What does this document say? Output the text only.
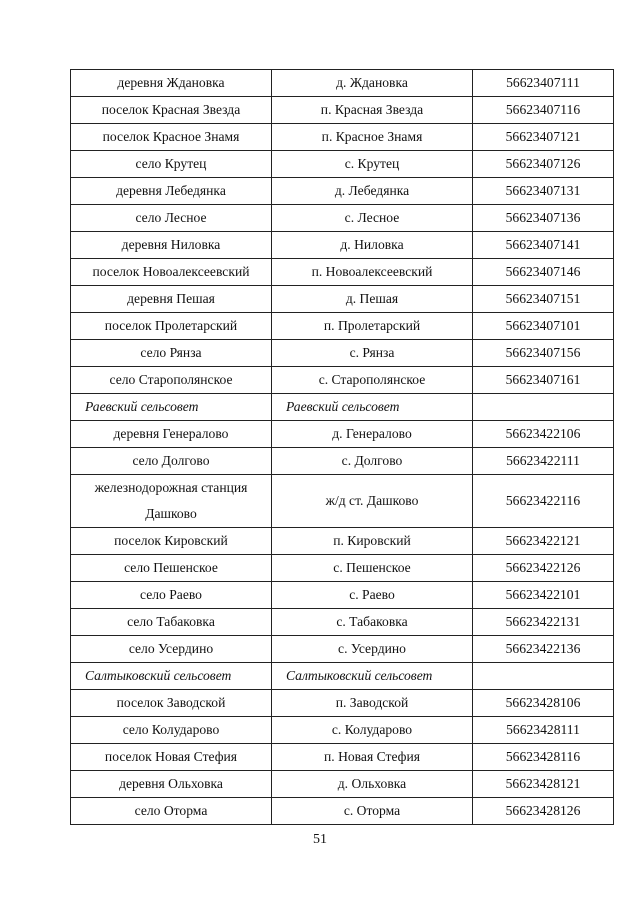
деревня Ждановка	д. Ждановка	56623407111
поселок Красная Звезда	п. Красная Звезда	56623407116
поселок Красное Знамя	п. Красное Знамя	56623407121
село Крутец	с. Крутец	56623407126
деревня Лебедянка	д. Лебедянка	56623407131
село Лесное	с. Лесное	56623407136
деревня Ниловка	д. Ниловка	56623407141
поселок Новоалексеевский	п. Новоалексеевский	56623407146
деревня Пешая	д. Пешая	56623407151
поселок Пролетарский	п. Пролетарский	56623407101
село Рянза	с. Рянза	56623407156
село Старополянское	с. Старополянское	56623407161
Раевский сельсовет	Раевский сельсовет	
деревня Генералово	д. Генералово	56623422106
село Долгово	с. Долгово	56623422111
железнодорожная станция Дашково	ж/д ст. Дашково	56623422116
поселок Кировский	п. Кировский	56623422121
село Пешенское	с. Пешенское	56623422126
село Раево	с. Раево	56623422101
село Табаковка	с. Табаковка	56623422131
село Усердино	с. Усердино	56623422136
Салтыковский сельсовет	Салтыковский сельсовет	
поселок Заводской	п. Заводской	56623428106
село Колударово	с. Колударово	56623428111
поселок Новая Стефия	п. Новая Стефия	56623428116
деревня Ольховка	д. Ольховка	56623428121
село Оторма	с. Оторма	56623428126
51
